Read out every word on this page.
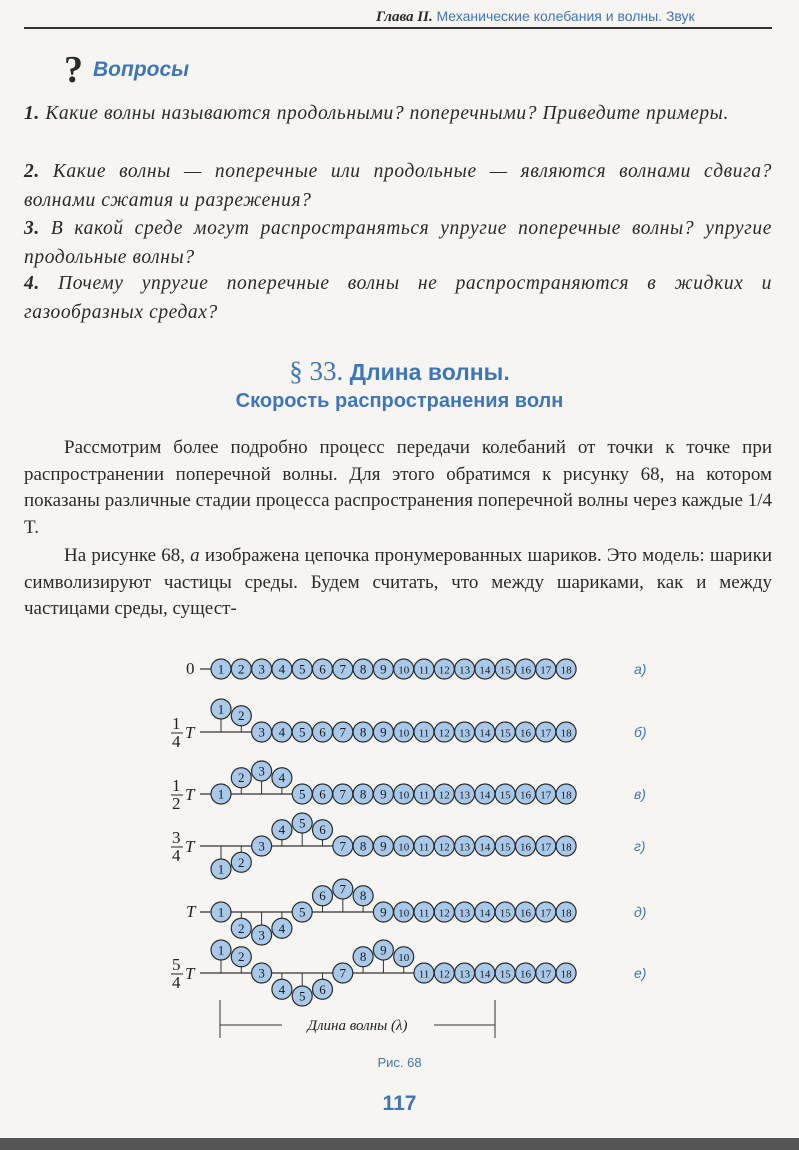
Глава II. Механические колебания и волны. Звук
? Вопросы
1. Какие волны называются продольными? поперечными? Приведите примеры.
2. Какие волны — поперечные или продольные — являются волнами сдвига? волнами сжатия и разрежения?
3. В какой среде могут распространяться упругие поперечные волны? упругие продольные волны?
4. Почему упругие поперечные волны не распространяются в жидких и газообразных средах?
§ 33. Длина волны.
Скорость распространения волн
Рассмотрим более подробно процесс передачи колебаний от точки к точке при распространении поперечной волны. Для этого обратимся к рисунку 68, на котором показаны различные стадии процесса распространения поперечной волны через каждые 1/4 T.
На рисунке 68, а изображена цепочка пронумерованных шариков. Это модель: шарики символизируют частицы среды. Будем считать, что между шариками, как и между частицами среды, сущест-
0 1 2 3 4 5 6 7 8 9 10 11 12 13 14 15 16 17 18	а)
1
4 T
1 2
3 4 5 6 7 8 9 10 11 12 13 14 15 16 17 18	б)
1
2 T 1
2 3 4
5 6 7 8 9 10 11 12 13 14 15 16 17 18	в)
3
4 T
1 2
3
4 5 6
7 8 9 10 11 12 13 14 15 16 17 18	г)
T 1
2 3 4
5
6 7 8
9 10 11 12 13 14 15 16 17 18	д)
5
4 T
1 2
3
4 5 6
7
8 9
10
11 12 13 14 15 16 17 18	е)
Длина волны (λ)
Рис. 68
117
